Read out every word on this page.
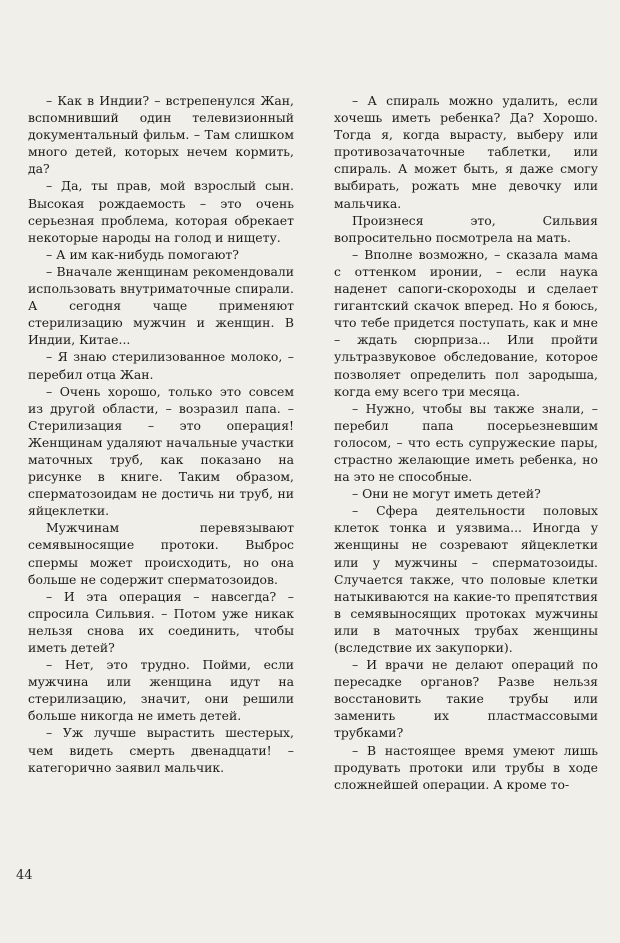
– Как в Индии? – встрепенулся Жан, вспомнивший один телевизионный документальный фильм. – Там слишком много детей, которых нечем кормить, да?

– Да, ты прав, мой взрослый сын. Высокая рождаемость – это очень серьезная проблема, которая обрекает некоторые народы на голод и нищету.

– А им как-нибудь помогают?

– Вначале женщинам рекомендовали использовать внутриматочные спирали. А сегодня чаще применяют стерилизацию мужчин и женщин. В Индии, Китае...

– Я знаю стерилизованное молоко, – перебил отца Жан.

– Очень хорошо, только это совсем из другой области, – возразил папа. – Стерилизация – это операция! Женщинам удаляют начальные участки маточных труб, как показано на рисунке в книге. Таким образом, сперматозоидам не достичь ни труб, ни яйцеклетки.

Мужчинам перевязывают семявыносящие протоки. Выброс спермы может происходить, но она больше не содержит сперматозоидов.

– И эта операция – навсегда? – спросила Сильвия. – Потом уже никак нельзя снова их соединить, чтобы иметь детей?

– Нет, это трудно. Пойми, если мужчина или женщина идут на стерилизацию, значит, они решили больше никогда не иметь детей.

– Уж лучше вырастить шестерых, чем видеть смерть двенадцати! – категорично заявил мальчик.

– А спираль можно удалить, если хочешь иметь ребенка? Да? Хорошо. Тогда я, когда вырасту, выберу или противозачаточные таблетки, или спираль. А может быть, я даже смогу выбирать, рожать мне девочку или мальчика.

Произнеся это, Сильвия вопросительно посмотрела на мать.

– Вполне возможно, – сказала мама с оттенком иронии, – если наука наденет сапоги-скороходы и сделает гигантский скачок вперед. Но я боюсь, что тебе придется поступать, как и мне – ждать сюрприза... Или пройти ультразвуковое обследование, которое позволяет определить пол зародыша, когда ему всего три месяца.

– Нужно, чтобы вы также знали, – перебил папа посерьезневшим голосом, – что есть супружеские пары, страстно желающие иметь ребенка, но на это не способные.

– Они не могут иметь детей?

– Сфера деятельности половых клеток тонка и уязвима... Иногда у женщины не созревают яйцеклетки или у мужчины – сперматозоиды. Случается также, что половые клетки натыкиваются на какие-то препятствия в семявыносящих протоках мужчины или в маточных трубах женщины (вследствие их закупорки).

– И врачи не делают операций по пересадке органов? Разве нельзя восстановить такие трубы или заменить их пластмассовыми трубками?

– В настоящее время умеют лишь продувать протоки или трубы в ходе сложнейшей операции. А кроме то-

44
